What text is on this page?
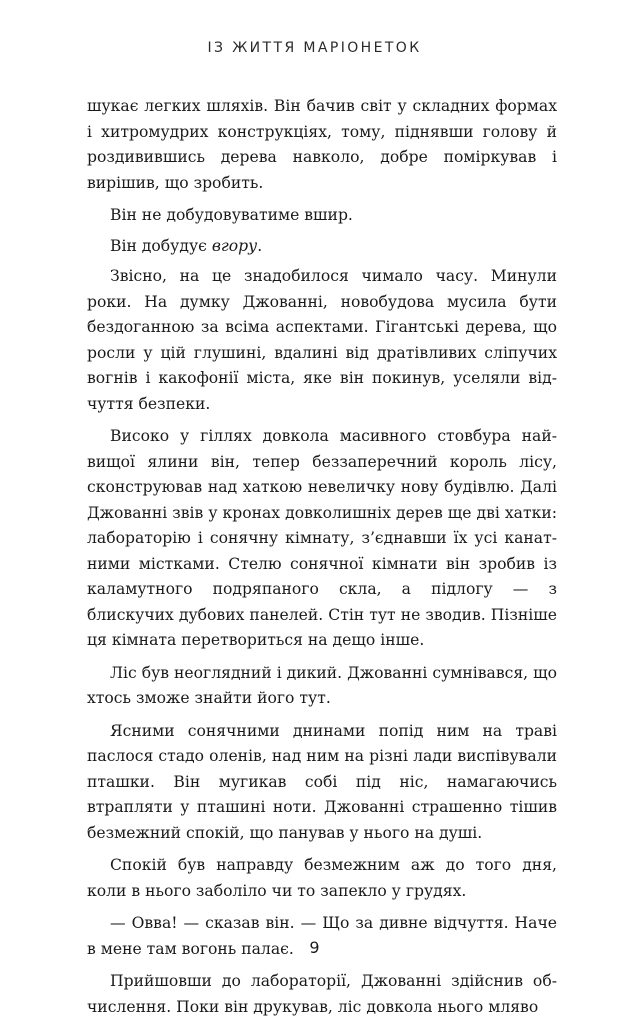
ІЗ ЖИТТЯ МАРІОНЕТОК

шукає легких шляхів. Він бачив світ у складних формах і хитромудрих конструкціях, тому, піднявши голову й роздивившись дерева навколо, добре поміркував і вирішив, що зробить.

Він не добудовуватиме вшир.

Він добудує вгору.

Звісно, на це знадобилося чимало часу. Минули роки. На думку Джованні, новобудова мусила бути бездоганною за всіма аспектами. Гігантські дерева, що росли у цій глушині, вдалині від дратівливих сліпучих вогнів і какофонії міста, яке він покинув, уселяли відчуття безпеки.

Високо у гіллях довкола масивного стовбура найвищої ялини він, тепер беззаперечний король лісу, сконструював над хаткою невеличку нову будівлю. Далі Джованні звів у кронах довколишніх дерев ще дві хатки: лабораторію і сонячну кімнату, з’єднавши їх усі канатними містками. Стелю сонячної кімнати він зробив із каламутного подряпаного скла, а підлогу — з блискучих дубових панелей. Стін тут не зводив. Пізніше ця кімната перетвориться на дещо інше.

Ліс був неоглядний і дикий. Джованні сумнівався, що хтось зможе знайти його тут.

Ясними сонячними днинами попід ним на траві паслося стадо оленів, над ним на різні лади виспівували пташки. Він мугикав собі під ніс, намагаючись втрапляти у пташині ноти. Джованні страшенно тішив безмежний спокій, що панував у нього на душі.

Спокій був направду безмежним аж до того дня, коли в нього заболіло чи то запекло у грудях.

— Овва! — сказав він. — Що за дивне відчуття. Наче в мене там вогонь палає.

Прийшовши до лабораторії, Джованні здійснив обчислення. Поки він друкував, ліс довкола нього мляво

9
